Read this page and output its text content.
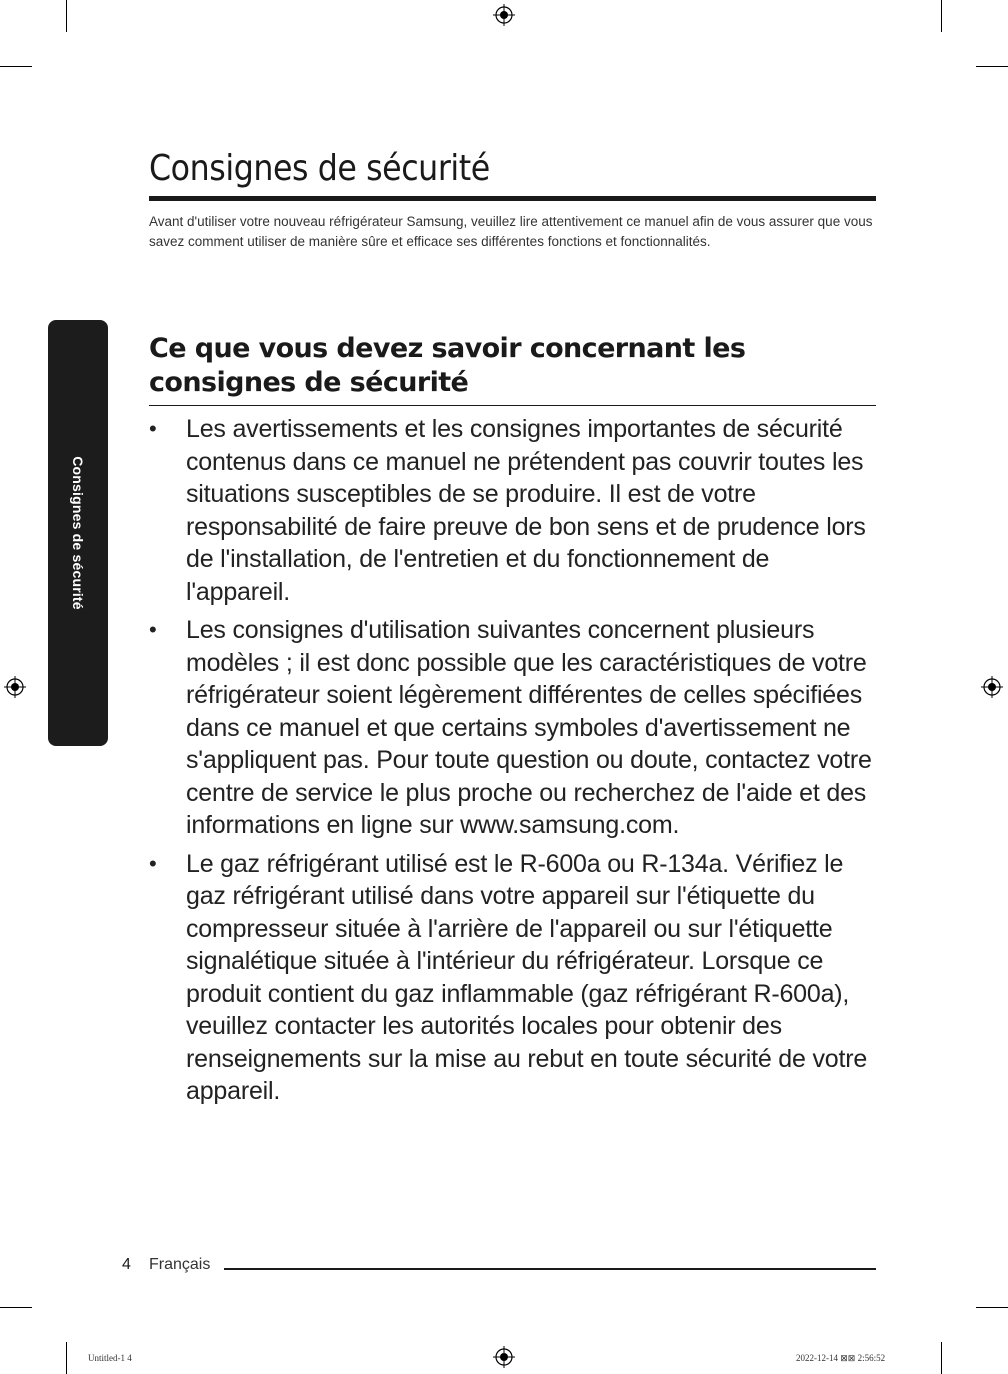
Consignes de sécurité
Consignes de sécurité

Avant d'utiliser votre nouveau réfrigérateur Samsung, veuillez lire attentivement ce manuel afin de vous assurer que vous savez comment utiliser de manière sûre et efficace ses différentes fonctions et fonctionnalités.

Ce que vous devez savoir concernant les consignes de sécurité
• Les avertissements et les consignes importantes de sécurité contenus dans ce manuel ne prétendent pas couvrir toutes les situations susceptibles de se produire. Il est de votre responsabilité de faire preuve de bon sens et de prudence lors de l'installation, de l'entretien et du fonctionnement de l'appareil.
• Les consignes d'utilisation suivantes concernent plusieurs modèles ; il est donc possible que les caractéristiques de votre réfrigérateur soient légèrement différentes de celles spécifiées dans ce manuel et que certains symboles d'avertissement ne s'appliquent pas. Pour toute question ou doute, contactez votre centre de service le plus proche ou recherchez de l'aide et des informations en ligne sur www.samsung.com.
• Le gaz réfrigérant utilisé est le R-600a ou R-134a. Vérifiez le gaz réfrigérant utilisé dans votre appareil sur l'étiquette du compresseur située à l'arrière de l'appareil ou sur l'étiquette signalétique située à l'intérieur du réfrigérateur. Lorsque ce produit contient du gaz inflammable (gaz réfrigérant R-600a), veuillez contacter les autorités locales pour obtenir des renseignements sur la mise au rebut en toute sécurité de votre appareil.
4 Français
Untitled-1 4	2022-12-14 ⊠⊠ 2:56:52
